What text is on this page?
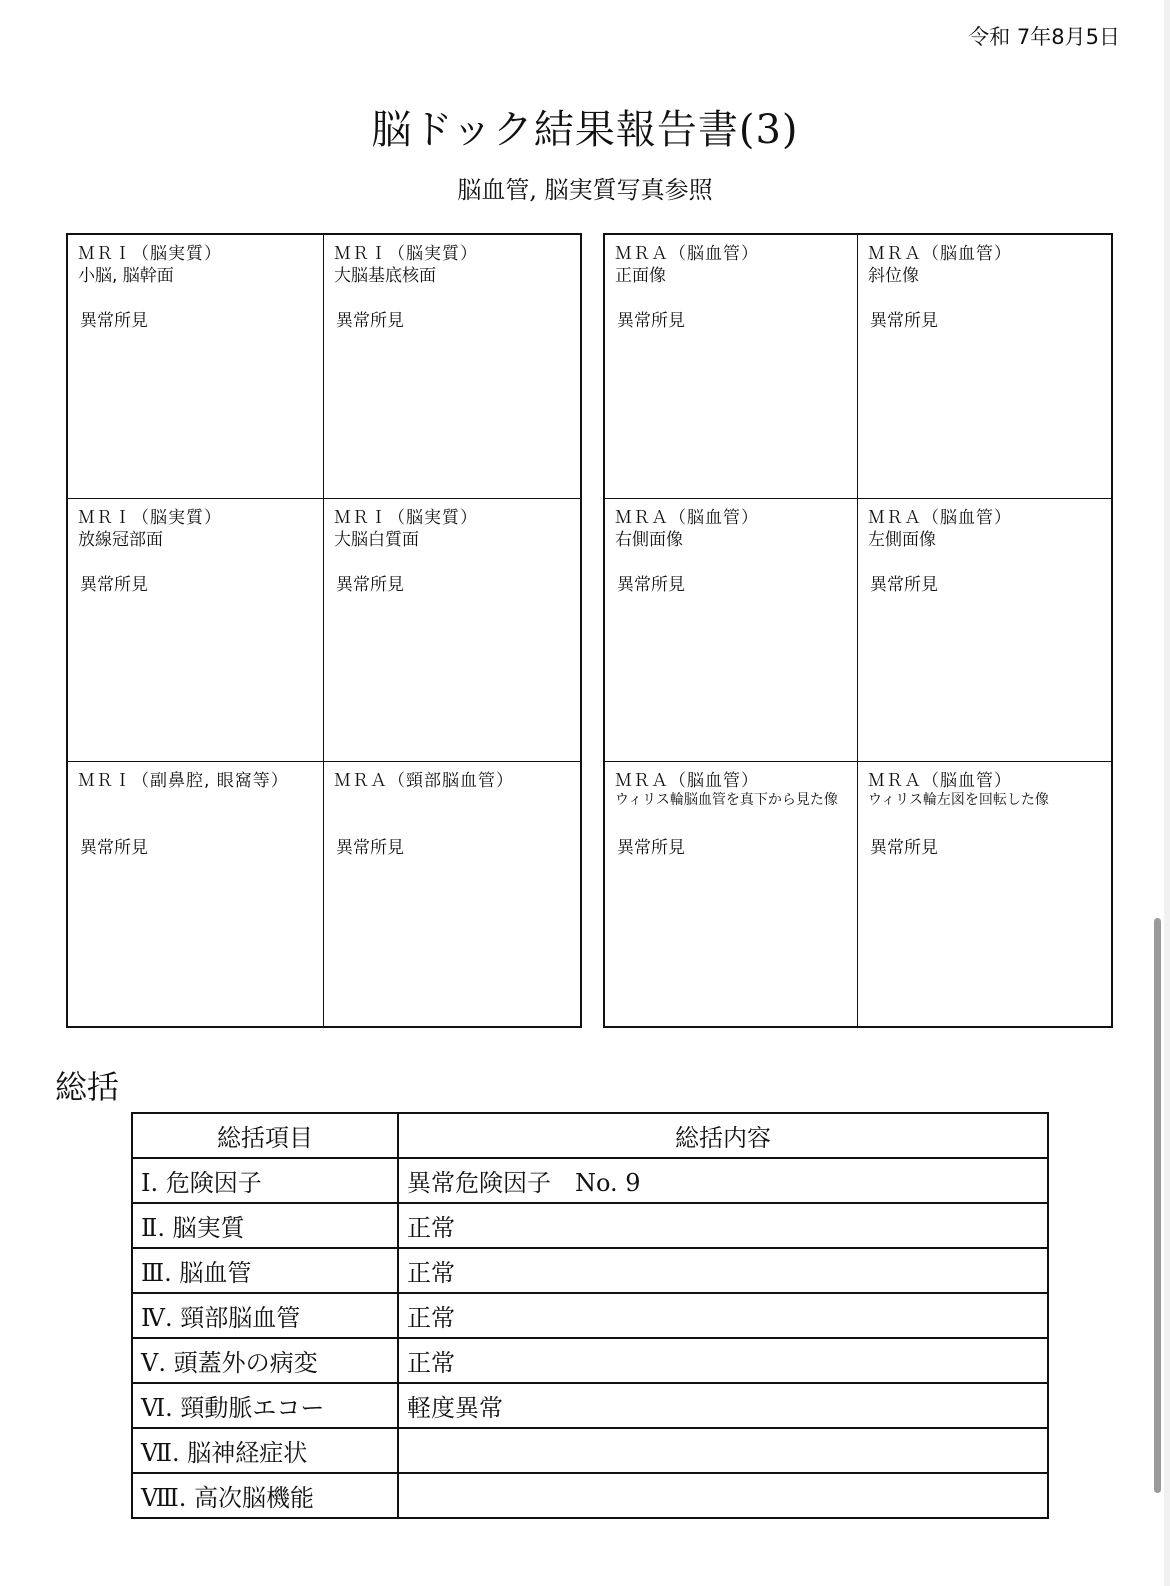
令和 7年8月5日
脳ドック結果報告書(3)
脳血管, 脳実質写真参照
ＭＲＩ（脳実質）
小脳, 脳幹面
異常所見
ＭＲＩ（脳実質）
大脳基底核面
異常所見
ＭＲＩ（脳実質）
放線冠部面
異常所見
ＭＲＩ（脳実質）
大脳白質面
異常所見
ＭＲＩ（副鼻腔, 眼窩等）
異常所見
ＭＲＡ（頸部脳血管）
異常所見
ＭＲＡ（脳血管）
正面像
異常所見
ＭＲＡ（脳血管）
斜位像
異常所見
ＭＲＡ（脳血管）
右側面像
異常所見
ＭＲＡ（脳血管）
左側面像
異常所見
ＭＲＡ（脳血管）
ウィリス輪脳血管を真下から見た像
異常所見
ＭＲＡ（脳血管）
ウィリス輪左図を回転した像
異常所見
総括
総括項目	総括内容
Ⅰ. 危険因子	異常危険因子　No. 9
Ⅱ. 脳実質	正常
Ⅲ. 脳血管	正常
Ⅳ. 頸部脳血管	正常
Ⅴ. 頭蓋外の病変	正常
Ⅵ. 頸動脈エコー	軽度異常
Ⅶ. 脳神経症状	
Ⅷ. 高次脳機能	
